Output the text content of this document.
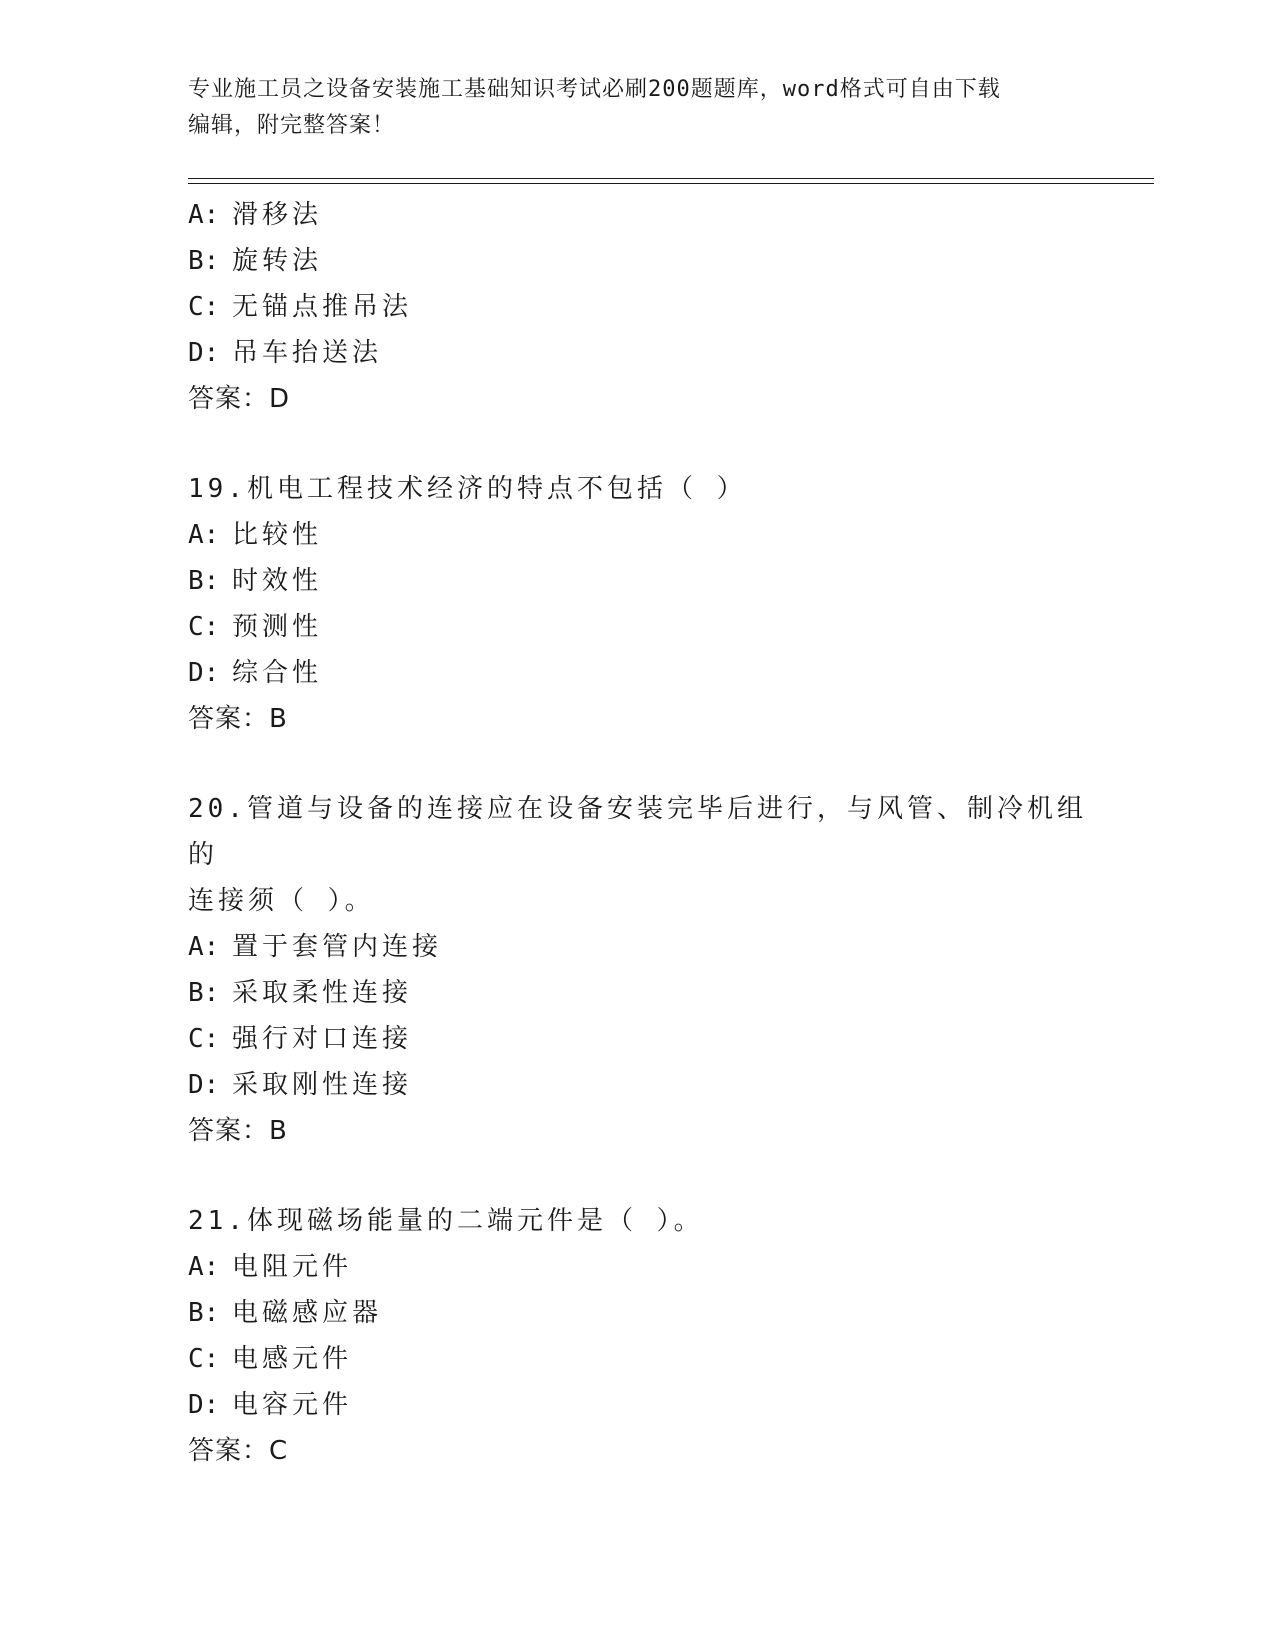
专业施工员之设备安装施工基础知识考试必刷200题题库，word格式可自由下载
编辑，附完整答案！
A: 滑移法
B: 旋转法
C: 无锚点推吊法
D: 吊车抬送法
答案：D
19.机电工程技术经济的特点不包括（ ）
A: 比较性
B: 时效性
C: 预测性
D: 综合性
答案：B
20.管道与设备的连接应在设备安装完毕后进行，与风管、制冷机组的
连接须（ ）。
A: 置于套管内连接
B: 采取柔性连接
C: 强行对口连接
D: 采取刚性连接
答案：B
21.体现磁场能量的二端元件是（ ）。
A: 电阻元件
B: 电磁感应器
C: 电感元件
D: 电容元件
答案：C
